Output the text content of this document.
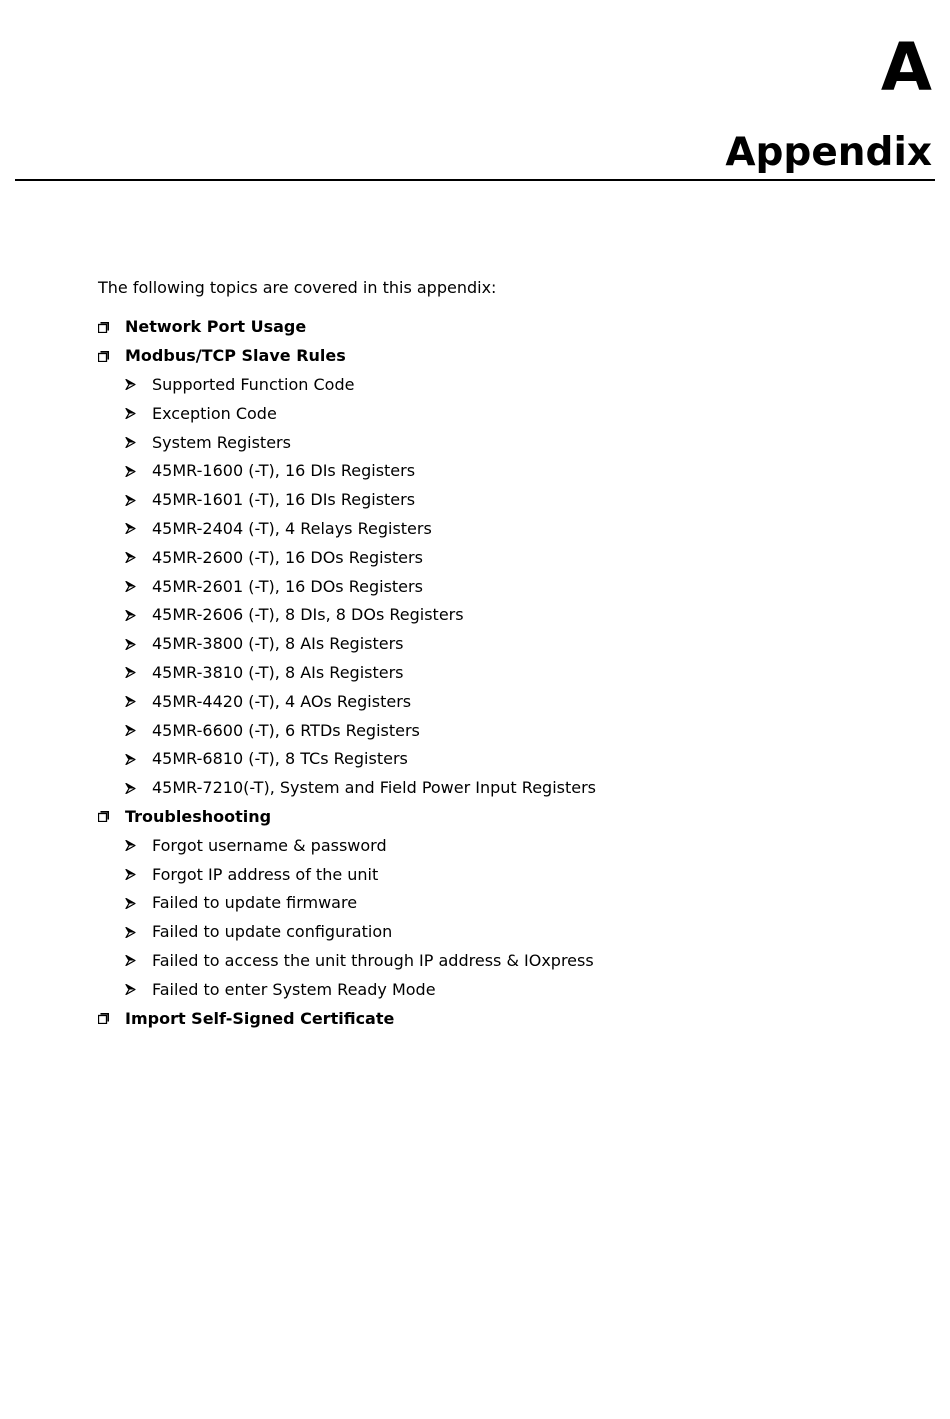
A
Appendix

The following topics are covered in this appendix:

Network Port Usage
Modbus/TCP Slave Rules
Supported Function Code
Exception Code
System Registers
45MR-1600 (-T), 16 DIs Registers
45MR-1601 (-T), 16 DIs Registers
45MR-2404 (-T), 4 Relays Registers
45MR-2600 (-T), 16 DOs Registers
45MR-2601 (-T), 16 DOs Registers
45MR-2606 (-T), 8 DIs, 8 DOs Registers
45MR-3800 (-T), 8 AIs Registers
45MR-3810 (-T), 8 AIs Registers
45MR-4420 (-T), 4 AOs Registers
45MR-6600 (-T), 6 RTDs Registers
45MR-6810 (-T), 8 TCs Registers
45MR-7210(-T), System and Field Power Input Registers
Troubleshooting
Forgot username & password
Forgot IP address of the unit
Failed to update firmware
Failed to update configuration
Failed to access the unit through IP address & IOxpress
Failed to enter System Ready Mode
Import Self-Signed Certificate
